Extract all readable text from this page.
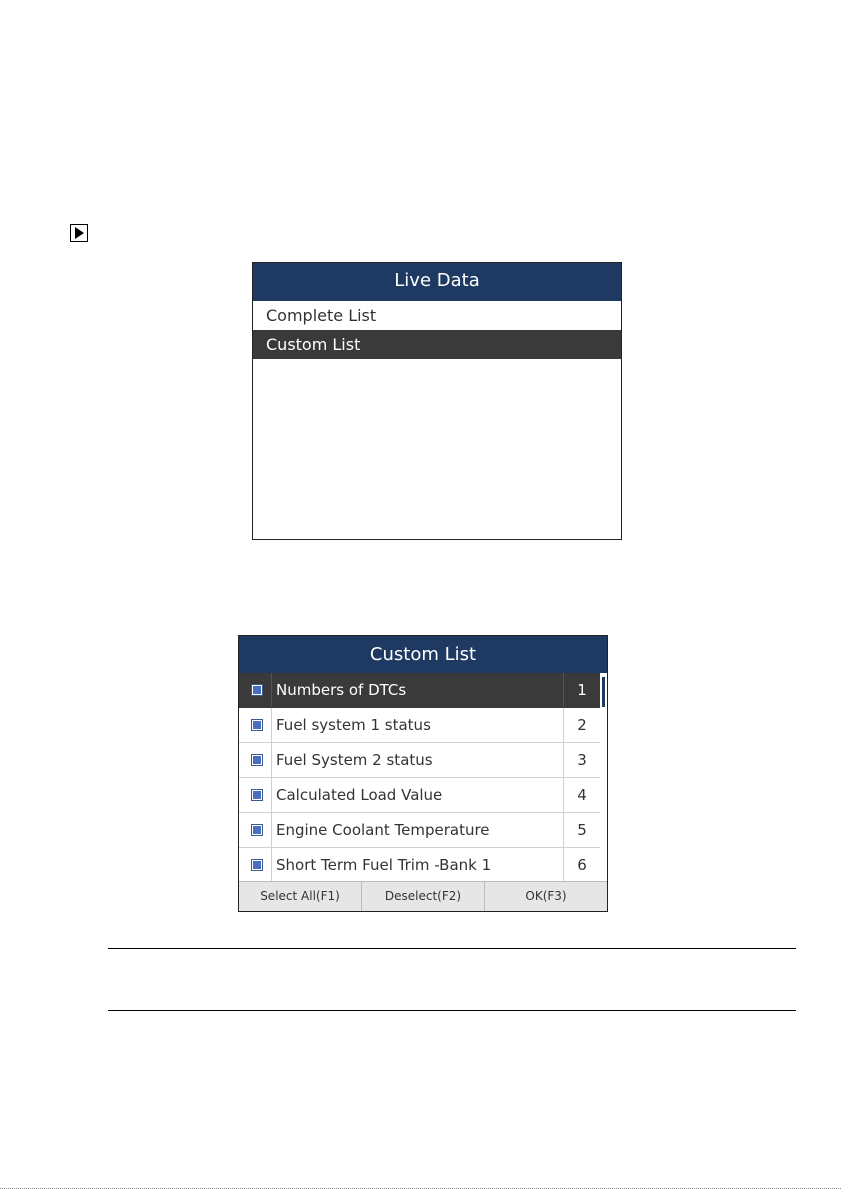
Live Data
Complete List
Custom List
Custom List
Numbers of DTCs	1
Fuel system 1 status	2
Fuel System 2 status	3
Calculated Load Value	4
Engine Coolant Temperature	5
Short Term Fuel Trim -Bank 1	6
Select All(F1)	Deselect(F2)	OK(F3)
